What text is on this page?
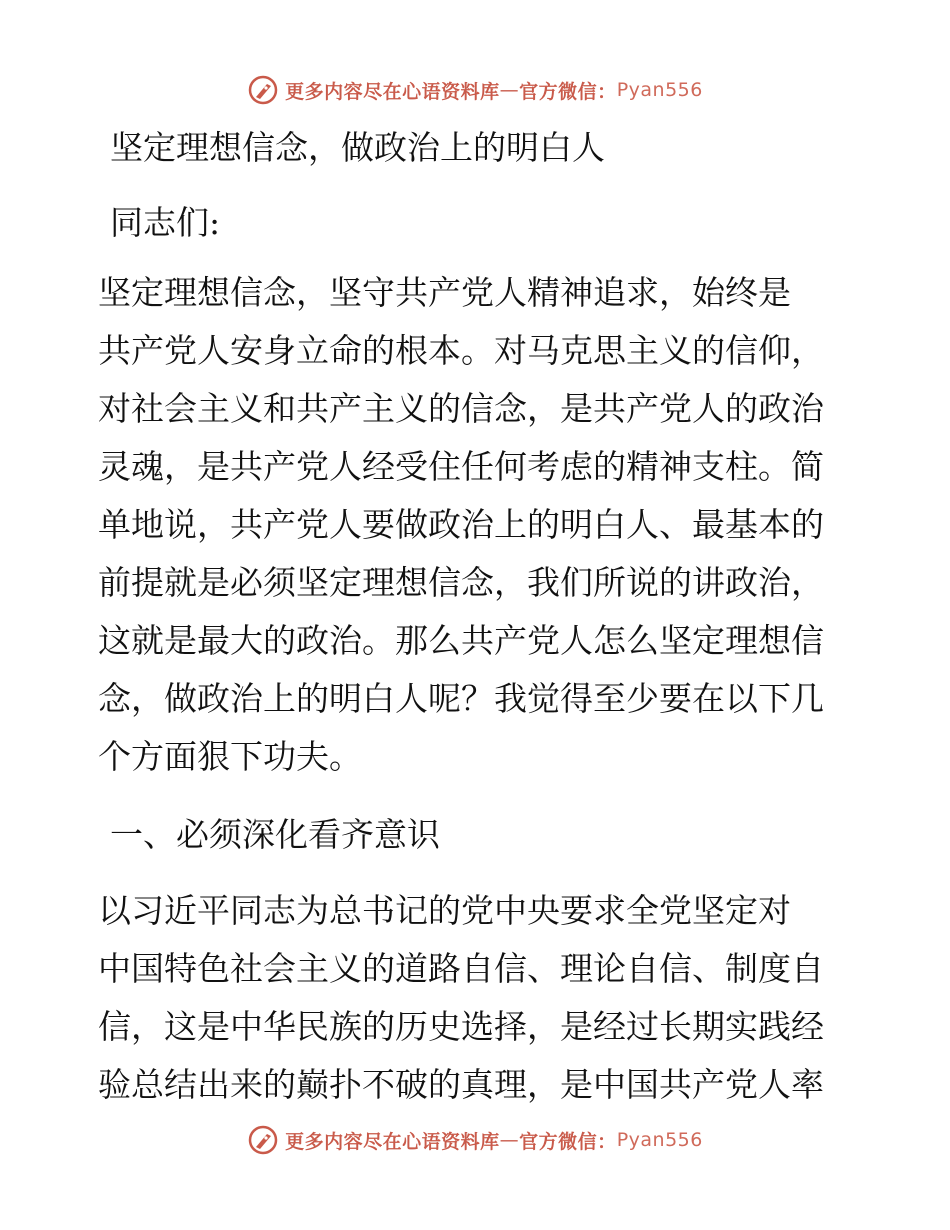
更多内容尽在心语资料库 — 官方微信： Pyan556
坚定理想信念，做政治上的明白人
同志们:
坚定理想信念，坚守共产党人精神追求，始终是
共产党人安身立命的根本。对马克思主义的信仰，
对社会主义和共产主义的信念，是共产党人的政治
灵魂，是共产党人经受住任何考虑的精神支柱。简
单地说，共产党人要做政治上的明白人、最基本的
前提就是必须坚定理想信念，我们所说的讲政治，
这就是最大的政治。那么共产党人怎么坚定理想信
念，做政治上的明白人呢？我觉得至少要在以下几
个方面狠下功夫。
一、必须深化看齐意识
以习近平同志为总书记的党中央要求全党坚定对
中国特色社会主义的道路自信、理论自信、制度自
信，这是中华民族的历史选择，是经过长期实践经
验总结出来的巅扑不破的真理，是中国共产党人率
更多内容尽在心语资料库 — 官方微信： Pyan556
